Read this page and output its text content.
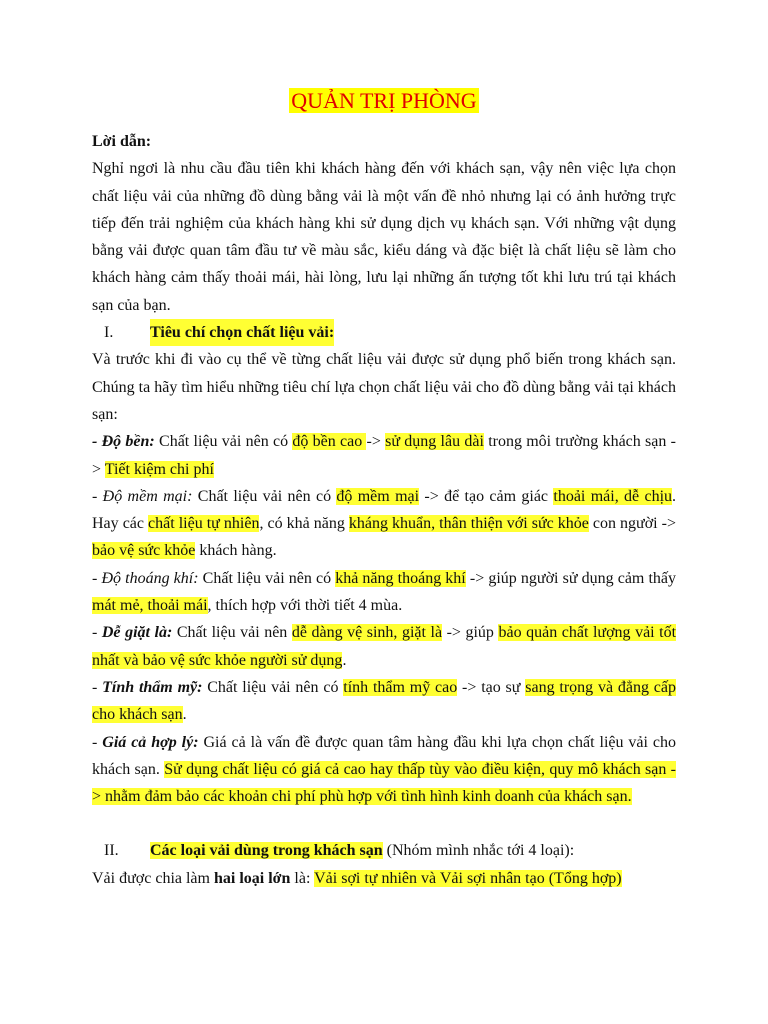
QUẢN TRỊ PHÒNG

Lời dẫn:

Nghỉ ngơi là nhu cầu đầu tiên khi khách hàng đến với khách sạn, vậy nên việc lựa chọn chất liệu vải của những đồ dùng bằng vải là một vấn đề nhỏ nhưng lại có ảnh hưởng trực tiếp đến trải nghiệm của khách hàng khi sử dụng dịch vụ khách sạn. Với những vật dụng bằng vải được quan tâm đầu tư về màu sắc, kiểu dáng và đặc biệt là chất liệu sẽ làm cho khách hàng cảm thấy thoải mái, hài lòng, lưu lại những ấn tượng tốt khi lưu trú tại khách sạn của bạn.

I.	Tiêu chí chọn chất liệu vải:

Và trước khi đi vào cụ thể về từng chất liệu vải được sử dụng phổ biến trong khách sạn. Chúng ta hãy tìm hiểu những tiêu chí lựa chọn chất liệu vải cho đồ dùng bằng vải tại khách sạn:

- Độ bền: Chất liệu vải nên có độ bền cao -> sử dụng lâu dài trong môi trường khách sạn -> Tiết kiệm chi phí

- Độ mềm mại: Chất liệu vải nên có độ mềm mại -> để tạo cảm giác thoải mái, dễ chịu. Hay các chất liệu tự nhiên, có khả năng kháng khuẩn, thân thiện với sức khỏe con người -> bảo vệ sức khỏe khách hàng.

- Độ thoáng khí: Chất liệu vải nên có khả năng thoáng khí -> giúp người sử dụng cảm thấy mát mẻ, thoải mái, thích hợp với thời tiết 4 mùa.

- Dễ giặt là: Chất liệu vải nên dễ dàng vệ sinh, giặt là -> giúp bảo quản chất lượng vải tốt nhất và bảo vệ sức khỏe người sử dụng.

- Tính thẩm mỹ: Chất liệu vải nên có tính thẩm mỹ cao -> tạo sự sang trọng và đẳng cấp cho khách sạn.

- Giá cả hợp lý: Giá cả là vấn đề được quan tâm hàng đầu khi lựa chọn chất liệu vải cho khách sạn. Sử dụng chất liệu có giá cả cao hay thấp tùy vào điều kiện, quy mô khách sạn -> nhằm đảm bảo các khoản chi phí phù hợp với tình hình kinh doanh của khách sạn.

II.	Các loại vải dùng trong khách sạn (Nhóm mình nhắc tới 4 loại):

Vải được chia làm hai loại lớn là: Vải sợi tự nhiên và Vải sợi nhân tạo (Tổng hợp)
